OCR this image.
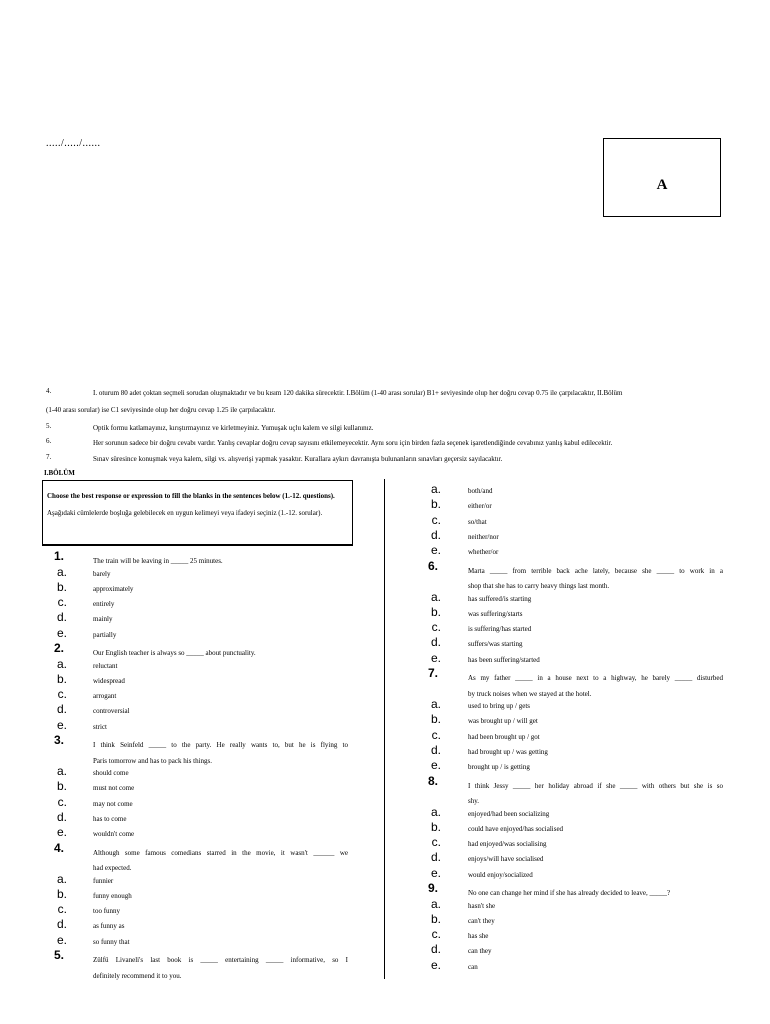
...../...../......
A
4.	I. oturum 80 adet çoktan seçmeli sorudan oluşmaktadır ve bu kısım 120 dakika sürecektir. I.Bölüm (1-40 arası sorular) B1+ seviyesinde olup her doğru cevap 0.75 ile çarpılacaktır, II.Bölüm
(1-40 arası sorular) ise C1 seviyesinde olup her doğru cevap 1.25 ile çarpılacaktır.
5.	Optik formu katlamayınız, kırıştırmayınız ve kirletmeyiniz. Yumuşak uçlu kalem ve silgi kullanınız.
6.	Her sorunun sadece bir doğru cevabı vardır. Yanlış cevaplar doğru cevap sayısını etkilemeyecektir. Aynı soru için birden fazla seçenek işaretlendiğinde cevabınız yanlış kabul edilecektir.
7.	Sınav süresince konuşmak veya kalem, silgi vs. alışverişi yapmak yasaktır. Kurallara aykırı davranışta bulunanların sınavları geçersiz sayılacaktır.
I.BÖLÜM
Choose the best response or expression to fill the blanks in the sentences below (1.-12. questions).
Aşağıdaki cümlelerde boşluğa gelebilecek en uygun kelimeyi veya ifadeyi seçiniz (1.-12. sorular).
1.	The train will be leaving in _____ 25 minutes.
a.	barely
b.	approximately
c.	entirely
d.	mainly
e.	partially
2.	Our English teacher is always so _____ about punctuality.
a.	reluctant
b.	widespread
c.	arrogant
d.	controversial
e.	strict
3.	I think Seinfeld _____ to the party. He really wants to, but he is flying to
Paris tomorrow and has to pack his things.
a.	should come
b.	must not come
c.	may not come
d.	has to come
e.	wouldn't come
4.	Although some famous comedians starred in the movie, it wasn't ______ we
had expected.
a.	funnier
b.	funny enough
c.	too funny
d.	as funny as
e.	so funny that
5.	Zülfü Livaneli's last book is _____ entertaining _____ informative, so I
definitely recommend it to you.
a.	both/and
b.	either/or
c.	so/that
d.	neither/nor
e.	whether/or
6.	Marta _____ from terrible back ache lately, because she _____ to work in a
shop that she has to carry heavy things last month.
a.	has suffered/is starting
b.	was suffering/starts
c.	is suffering/has started
d.	suffers/was starting
e.	has been suffering/started
7.	As my father _____ in a house next to a highway, he barely _____ disturbed
by truck noises when we stayed at the hotel.
a.	used to bring up / gets
b.	was brought up / will get
c.	had been brought up / got
d.	had brought up / was getting
e.	brought up / is getting
8.	I think Jessy _____ her holiday abroad if she _____ with others but she is so
shy.
a.	enjoyed/had been socializing
b.	could have enjoyed/has socialised
c.	had enjoyed/was socialising
d.	enjoys/will have socialised
e.	would enjoy/socialized
9.	No one can change her mind if she has already decided to leave, _____?
a.	hasn't she
b.	can't they
c.	has she
d.	can they
e.	can
